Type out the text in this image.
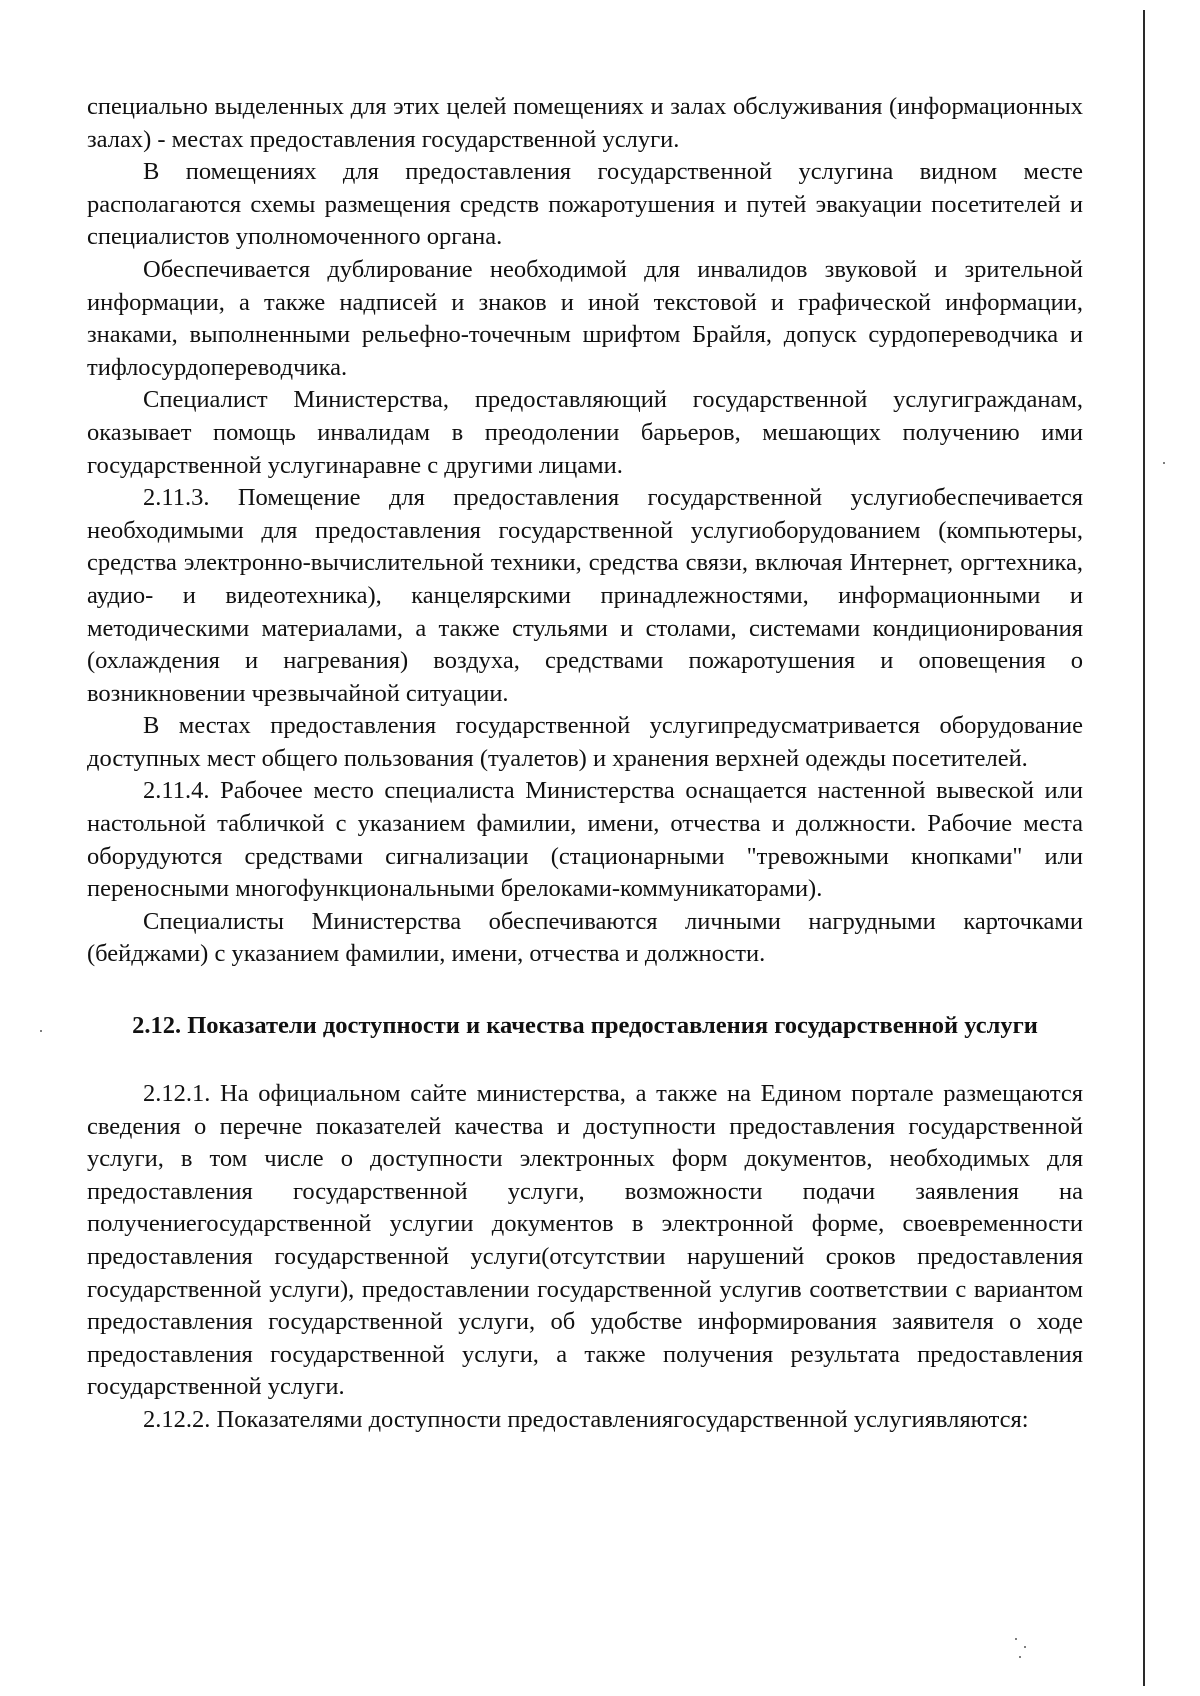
специально выделенных для этих целей помещениях и залах обслуживания (информационных залах) - местах предоставления государственной услуги.

В помещениях для предоставления государственной услугина видном месте располагаются схемы размещения средств пожаротушения и путей эвакуации посетителей и специалистов уполномоченного органа.

Обеспечивается дублирование необходимой для инвалидов звуковой и зрительной информации, а также надписей и знаков и иной текстовой и графической информации, знаками, выполненными рельефно-точечным шрифтом Брайля, допуск сурдопереводчика и тифлосурдопереводчика.

Специалист Министерства, предоставляющий государственной услугигражданам, оказывает помощь инвалидам в преодолении барьеров, мешающих получению ими государственной услугинаравне с другими лицами.

2.11.3. Помещение для предоставления государственной услугиобеспечивается необходимыми для предоставления государственной услугиоборудованием (компьютеры, средства электронно-вычислительной техники, средства связи, включая Интернет, оргтехника, аудио- и видеотехника), канцелярскими принадлежностями, информационными и методическими материалами, а также стульями и столами, системами кондиционирования (охлаждения и нагревания) воздуха, средствами пожаротушения и оповещения о возникновении чрезвычайной ситуации.

В местах предоставления государственной услугипредусматривается оборудование доступных мест общего пользования (туалетов) и хранения верхней одежды посетителей.

2.11.4. Рабочее место специалиста Министерства оснащается настенной вывеской или настольной табличкой с указанием фамилии, имени, отчества и должности. Рабочие места оборудуются средствами сигнализации (стационарными "тревожными кнопками" или переносными многофункциональными брелоками-коммуникаторами).

Специалисты Министерства обеспечиваются личными нагрудными карточками (бейджами) с указанием фамилии, имени, отчества и должности.

2.12. Показатели доступности и качества предоставления государственной услуги

2.12.1. На официальном сайте министерства, а также на Едином портале размещаются сведения о перечне показателей качества и доступности предоставления государственной услуги, в том числе о доступности электронных форм документов, необходимых для предоставления государственной услуги, возможности подачи заявления на получениегосударственной услугии документов в электронной форме, своевременности предоставления государственной услуги(отсутствии нарушений сроков предоставления государственной услуги), предоставлении государственной услугив соответствии с вариантом предоставления государственной услуги, об удобстве информирования заявителя о ходе предоставления государственной услуги, а также получения результата предоставления государственной услуги.

2.12.2. Показателями доступности предоставлениягосударственной услугиявляются:
